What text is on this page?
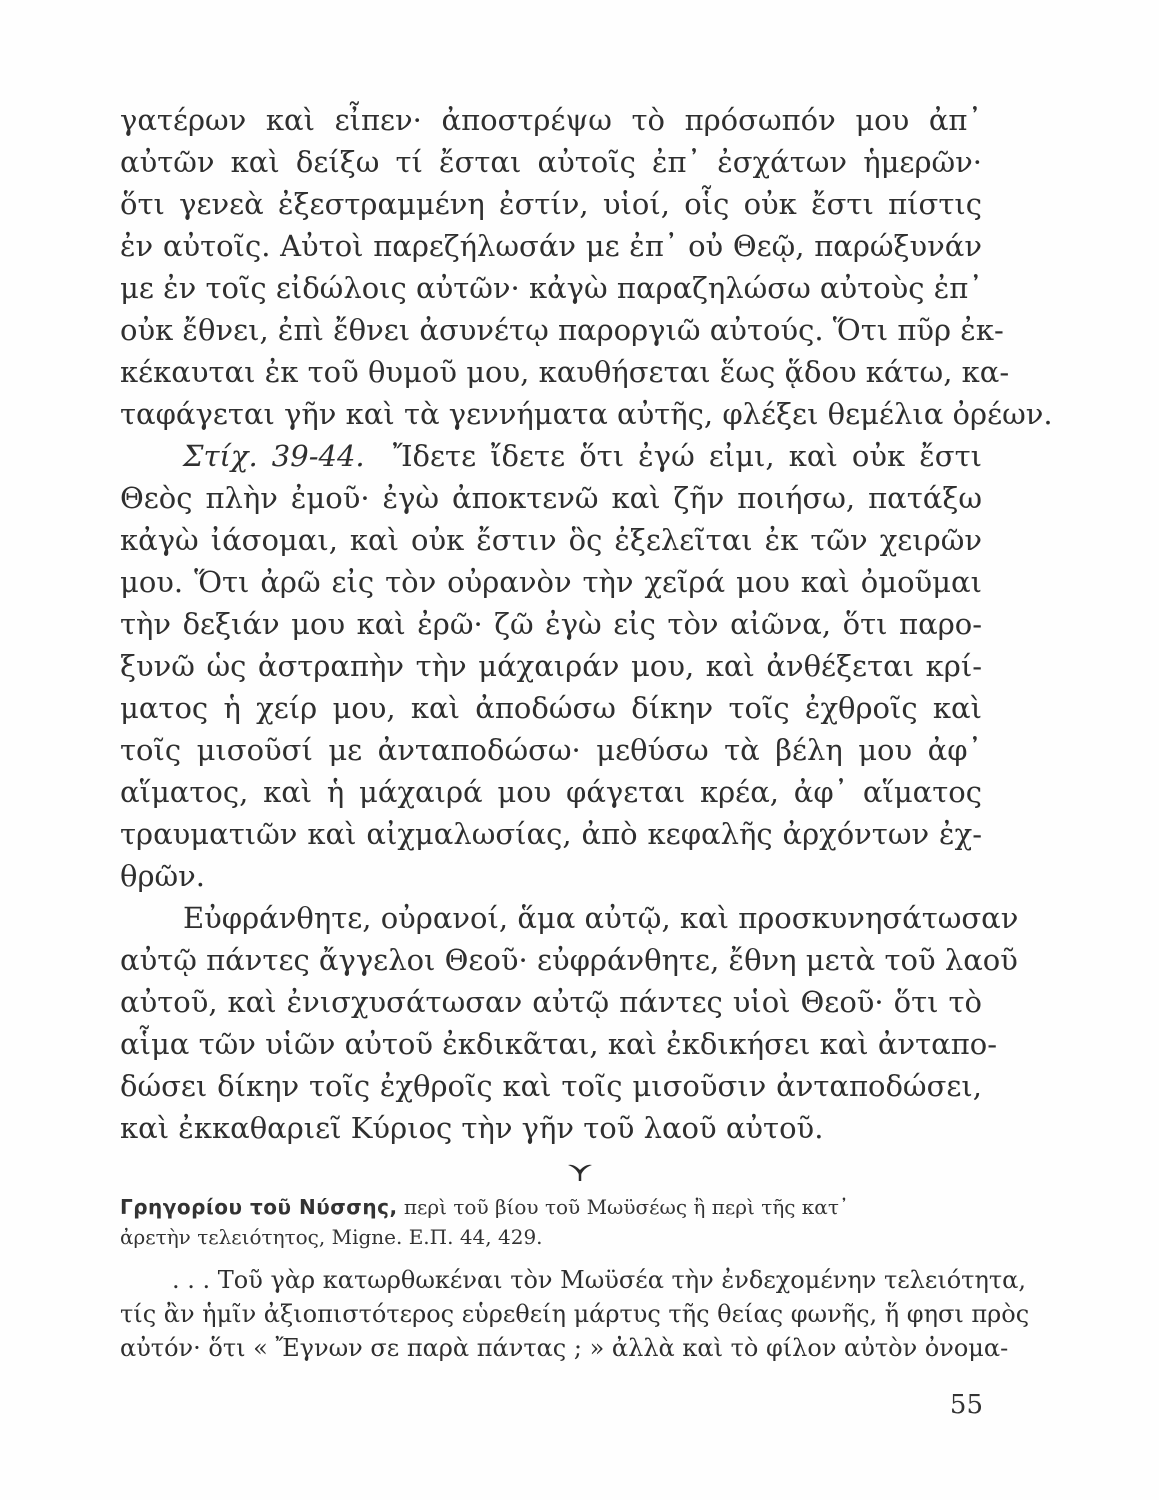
γατέρων καὶ εἶπεν· ἀποστρέψω τὸ πρόσωπόν μου ἀπ᾽
αὐτῶν καὶ δείξω τί ἔσται αὐτοῖς ἐπ᾽ ἐσχάτων ἡμερῶν·
ὅτι γενεὰ ἐξεστραμμένη ἐστίν, υἱοί, οἷς οὐκ ἔστι πίστις
ἐν αὐτοῖς. Αὐτοὶ παρεζήλωσάν με ἐπ᾽ οὐ Θεῷ, παρώξυνάν
με ἐν τοῖς εἰδώλοις αὐτῶν· κἀγὼ παραζηλώσω αὐτοὺς ἐπ᾽
οὐκ ἔθνει, ἐπὶ ἔθνει ἀσυνέτῳ παροργιῶ αὐτούς. Ὅτι πῦρ ἐκ-
κέκαυται ἐκ τοῦ θυμοῦ μου, καυθήσεται ἕως ᾅδου κάτω, κα-
ταφάγεται γῆν καὶ τὰ γεννήματα αὐτῆς, φλέξει θεμέλια ὀρέων.
Στίχ. 39-44. Ἴδετε ἴδετε ὅτι ἐγώ εἰμι, καὶ οὐκ ἔστι
Θεὸς πλὴν ἐμοῦ· ἐγὼ ἀποκτενῶ καὶ ζῆν ποιήσω, πατάξω
κἀγὼ ἰάσομαι, καὶ οὐκ ἔστιν ὃς ἐξελεῖται ἐκ τῶν χειρῶν
μου. Ὅτι ἀρῶ εἰς τὸν οὐρανὸν τὴν χεῖρά μου καὶ ὀμοῦμαι
τὴν δεξιάν μου καὶ ἐρῶ· ζῶ ἐγὼ εἰς τὸν αἰῶνα, ὅτι παρο-
ξυνῶ ὡς ἀστραπὴν τὴν μάχαιράν μου, καὶ ἀνθέξεται κρί-
ματος ἡ χείρ μου, καὶ ἀποδώσω δίκην τοῖς ἐχθροῖς καὶ
τοῖς μισοῦσί με ἀνταποδώσω· μεθύσω τὰ βέλη μου ἀφ᾽
αἵματος, καὶ ἡ μάχαιρά μου φάγεται κρέα, ἀφ᾽ αἵματος
τραυματιῶν καὶ αἰχμαλωσίας, ἀπὸ κεφαλῆς ἀρχόντων ἐχ-
θρῶν.
Εὐφράνθητε, οὐρανοί, ἅμα αὐτῷ, καὶ προσκυνησάτωσαν
αὐτῷ πάντες ἄγγελοι Θεοῦ· εὐφράνθητε, ἔθνη μετὰ τοῦ λαοῦ
αὐτοῦ, καὶ ἐνισχυσάτωσαν αὐτῷ πάντες υἱοὶ Θεοῦ· ὅτι τὸ
αἷμα τῶν υἱῶν αὐτοῦ ἐκδικᾶται, καὶ ἐκδικήσει καὶ ἀνταπο-
δώσει δίκην τοῖς ἐχθροῖς καὶ τοῖς μισοῦσιν ἀνταποδώσει,
καὶ ἐκκαθαριεῖ Κύριος τὴν γῆν τοῦ λαοῦ αὐτοῦ.
Γρηγορίου τοῦ Νύσσης, περὶ τοῦ βίου τοῦ Μωϋσέως ἢ περὶ τῆς κατ᾽
ἀρετὴν τελειότητος, Migne. Ε.Π. 44, 429.
. . . Τοῦ γὰρ κατωρθωκέναι τὸν Μωϋσέα τὴν ἐνδεχομένην τελειότητα,
τίς ἂν ἡμῖν ἀξιοπιστότερος εὑρεθείη μάρτυς τῆς θείας φωνῆς, ἥ φησι πρὸς
αὐτόν· ὅτι « Ἔγνων σε παρὰ πάντας ; » ἀλλὰ καὶ τὸ φίλον αὐτὸν ὀνομα-
55
